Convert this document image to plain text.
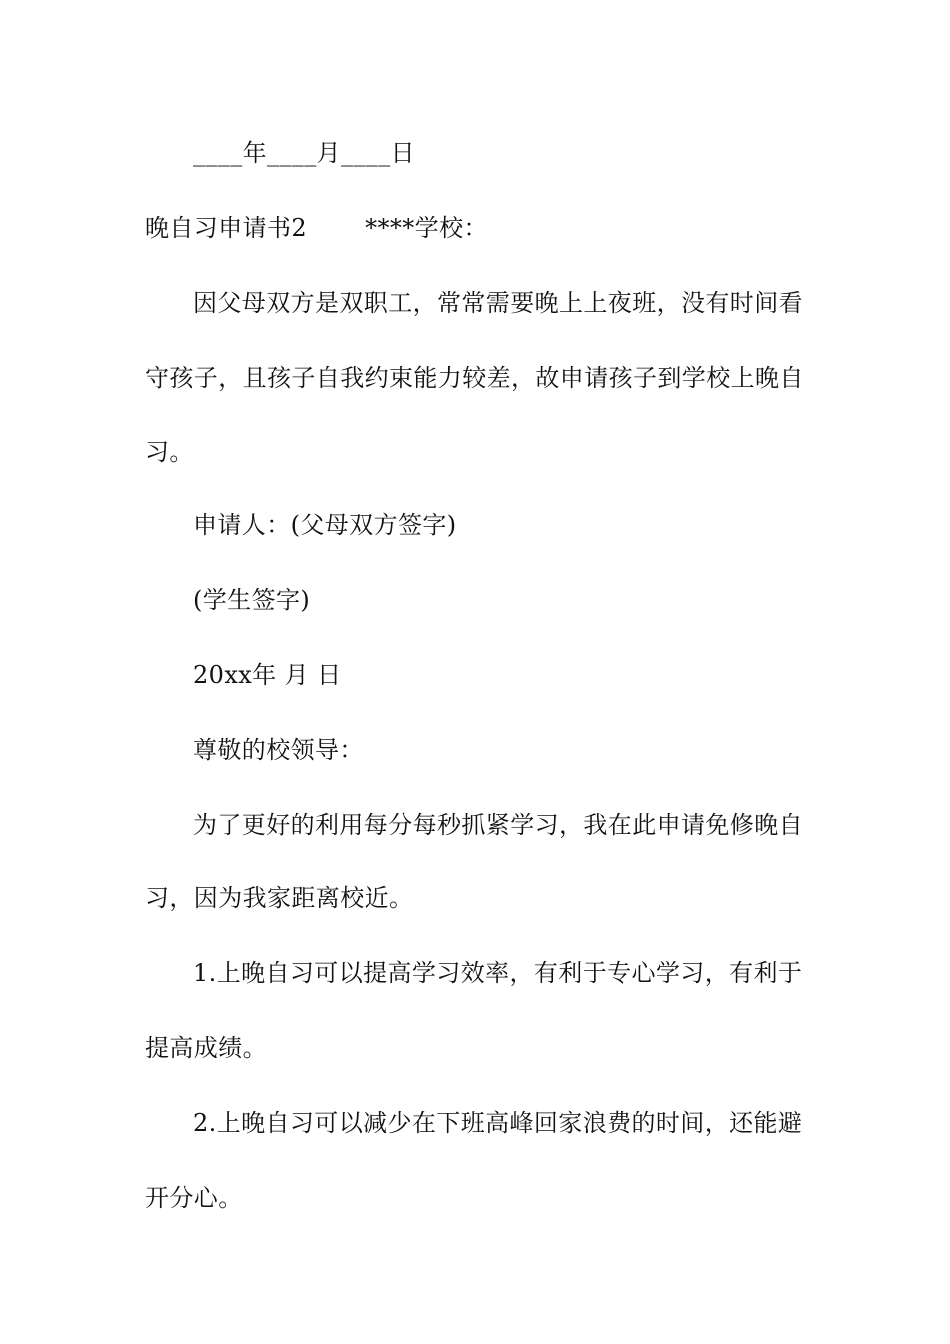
____年____月____日
晚自习申请书2 ****学校：
因父母双方是双职工，常常需要晚上上夜班，没有时间看
守孩子，且孩子自我约束能力较差，故申请孩子到学校上晚自
习。
申请人：(父母双方签字)
(学生签字)
20xx年 月 日
尊敬的校领导：
为了更好的利用每分每秒抓紧学习，我在此申请免修晚自
习，因为我家距离校近。
1.上晚自习可以提高学习效率，有利于专心学习，有利于
提高成绩。
2.上晚自习可以减少在下班高峰回家浪费的时间，还能避
开分心。
